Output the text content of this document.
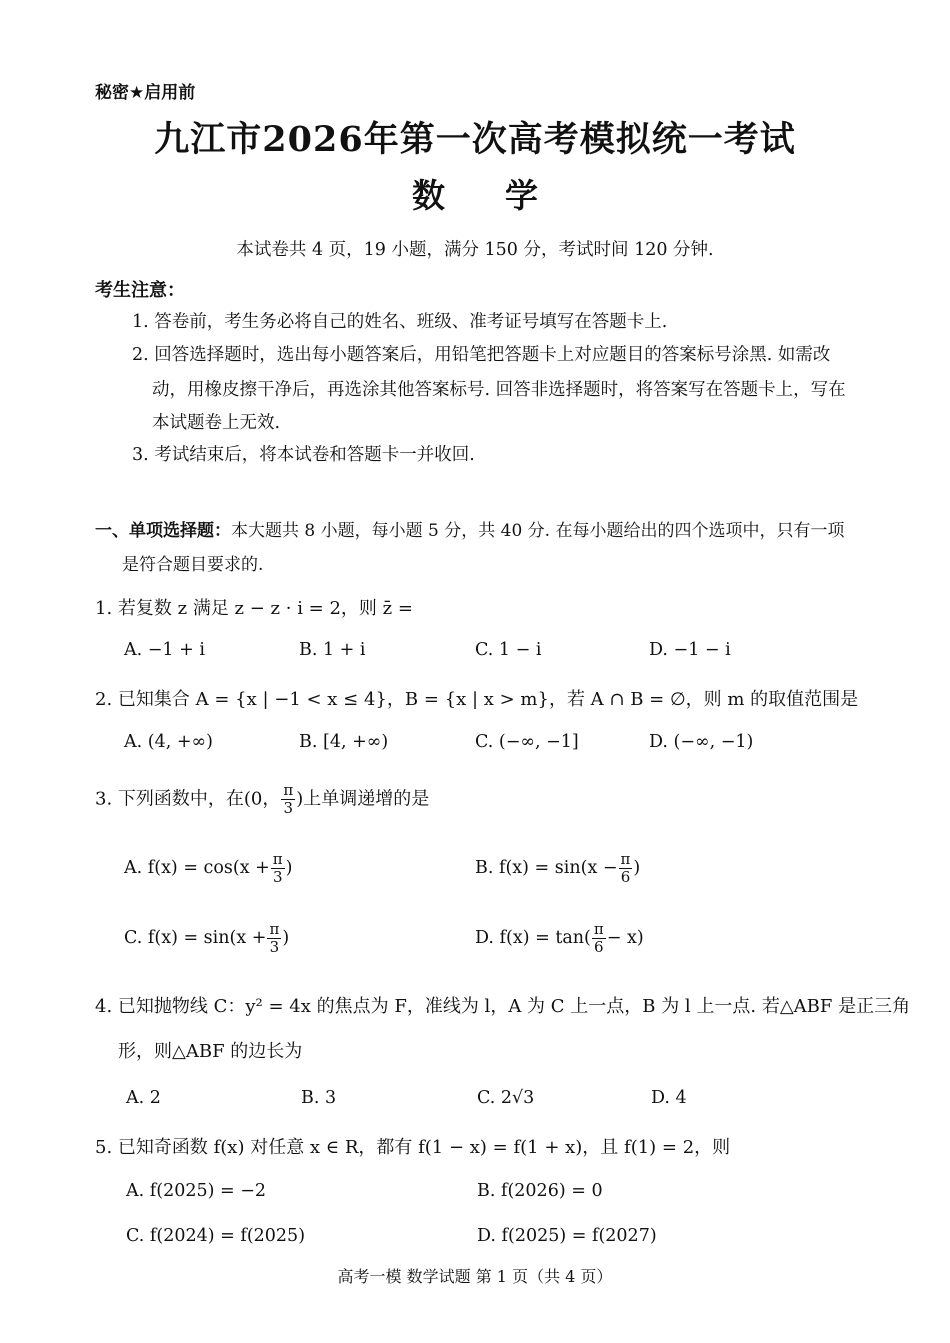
秘密★启用前
九江市2026年第一次高考模拟统一考试
数 学
本试卷共 4 页，19 小题，满分 150 分，考试时间 120 分钟.
考生注意：
1. 答卷前，考生务必将自己的姓名、班级、准考证号填写在答题卡上.
2. 回答选择题时，选出每小题答案后，用铅笔把答题卡上对应题目的答案标号涂黑. 如需改
动，用橡皮擦干净后，再选涂其他答案标号. 回答非选择题时，将答案写在答题卡上，写在
本试题卷上无效.
3. 考试结束后，将本试卷和答题卡一并收回.
一、单项选择题：本大题共 8 小题，每小题 5 分，共 40 分. 在每小题给出的四个选项中，只有一项
是符合题目要求的.
1. 若复数 z 满足 z − z · i = 2，则 z̄ =
A. −1 + i	B. 1 + i	C. 1 − i	D. −1 − i
2. 已知集合 A = {x | −1 < x ≤ 4}，B = {x | x > m}，若 A ∩ B = ∅，则 m 的取值范围是
A. (4, +∞)	B. [4, +∞)	C. (−∞, −1]	D. (−∞, −1)
3. 下列函数中，在(0， $\frac{\pi}{3}$ )上单调递增的是
A. $f(x) = \cos(x + \frac{\pi}{3}$ )	B. $f(x) = \sin(x - \frac{\pi}{6}$ )
C. $f(x) = \sin(x + \frac{\pi}{3}$ )	D. $f(x) = \tan( \frac{\pi}{6} - x)$
4. 已知抛物线 C：y² = 4x 的焦点为 F，准线为 l，A 为 C 上一点，B 为 l 上一点. 若△ABF 是正三角
形，则△ABF 的边长为
A. 2	B. 3	C. 2√3	D. 4
5. 已知奇函数 f(x) 对任意 x ∈ R，都有 f(1 − x) = f(1 + x)，且 f(1) = 2，则
A. f(2025) = −2	B. f(2026) = 0
C. f(2024) = f(2025)	D. f(2025) = f(2027)
高考一模 数学试题 第 1 页（共 4 页）
